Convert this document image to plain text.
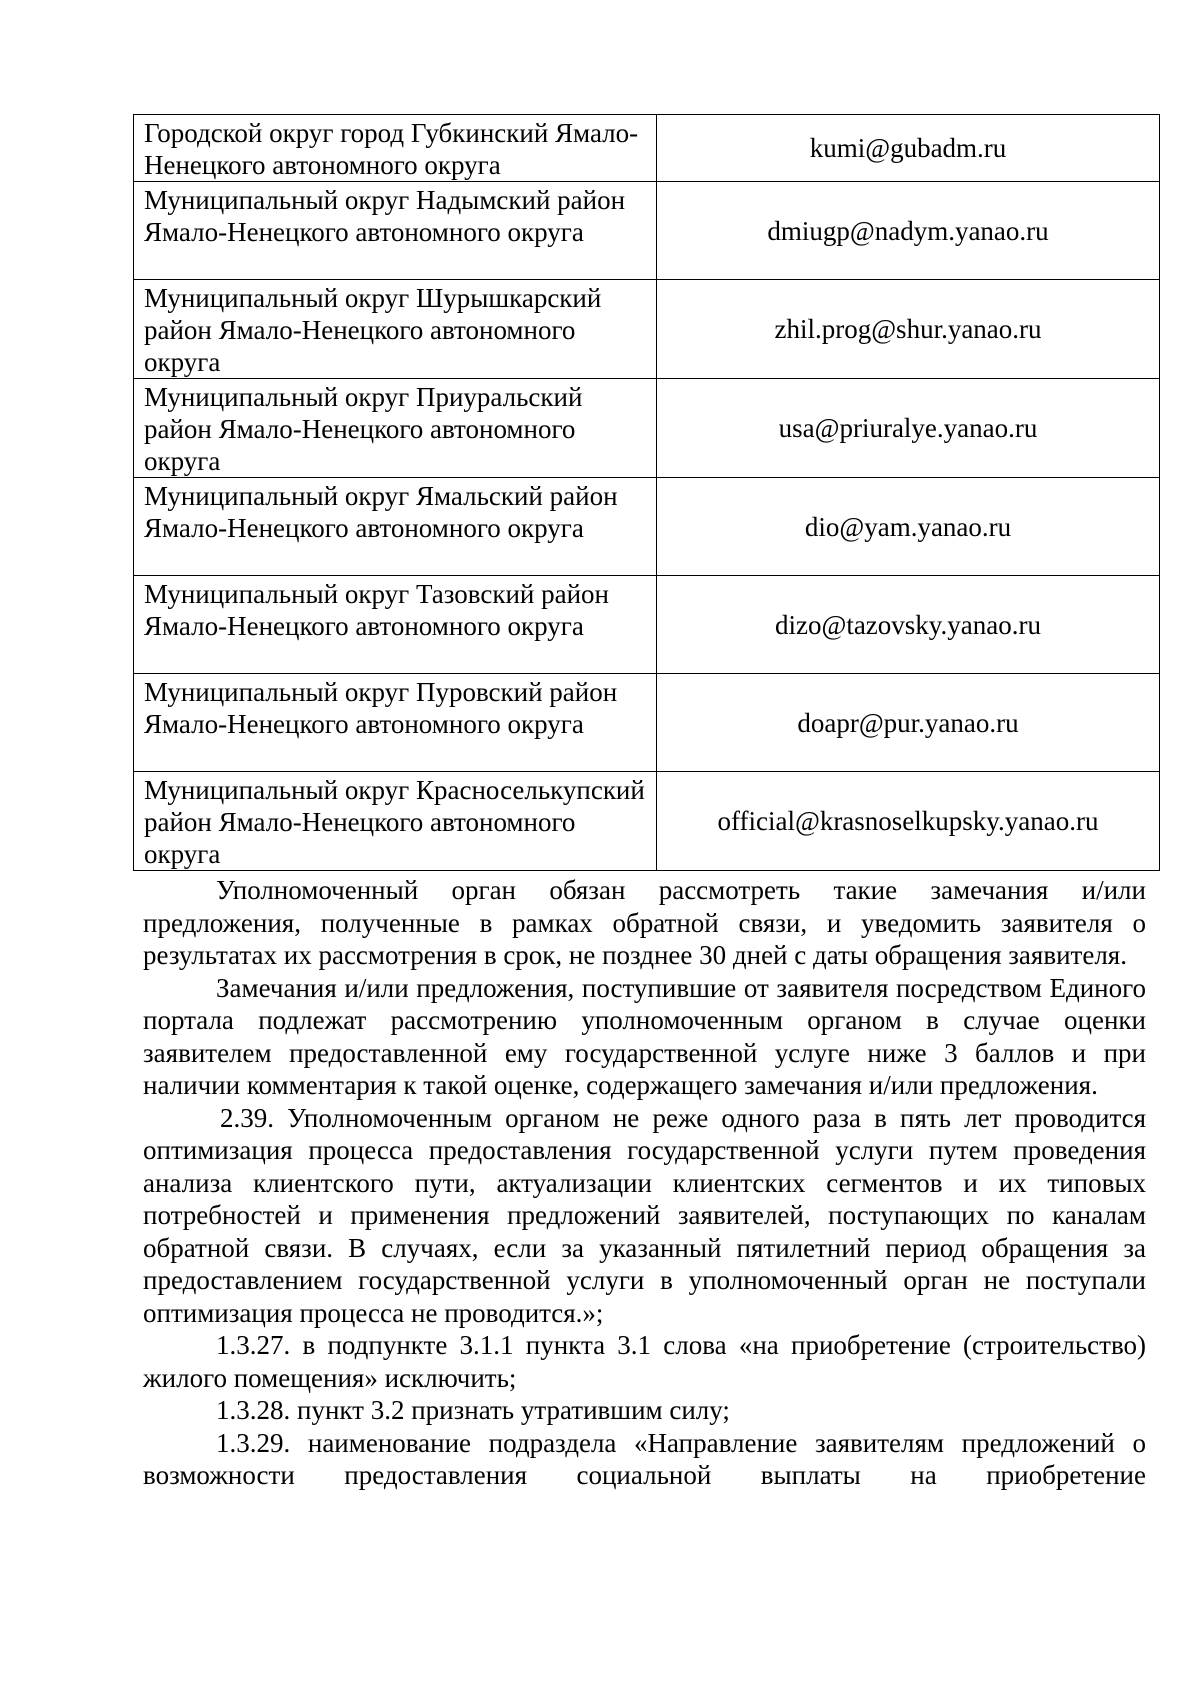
Городской округ город Губкинский Ямало-Ненецкого автономного округа	kumi@gubadm.ru
Муниципальный округ Надымский район Ямало-Ненецкого автономного округа	dmiugp@nadym.yanao.ru
Муниципальный округ Шурышкарский район Ямало-Ненецкого автономного округа	zhil.prog@shur.yanao.ru
Муниципальный округ Приуральский район Ямало-Ненецкого автономного округа	usa@priuralye.yanao.ru
Муниципальный округ Ямальский район Ямало-Ненецкого автономного округа	dio@yam.yanao.ru
Муниципальный округ Тазовский район Ямало-Ненецкого автономного округа	dizo@tazovsky.yanao.ru
Муниципальный округ Пуровский район Ямало-Ненецкого автономного округа	doapr@pur.yanao.ru
Муниципальный округ Красноселькупский район Ямало-Ненецкого автономного округа	official@krasnoselkupsky.yanao.ru

Уполномоченный орган обязан рассмотреть такие замечания и/или предложения, полученные в рамках обратной связи, и уведомить заявителя о результатах их рассмотрения в срок, не позднее 30 дней с даты обращения заявителя.

Замечания и/или предложения, поступившие от заявителя посредством Единого портала подлежат рассмотрению уполномоченным органом в случае оценки заявителем предоставленной ему государственной услуге ниже 3 баллов и при наличии комментария к такой оценке, содержащего замечания и/или предложения.

2.39. Уполномоченным органом не реже одного раза в пять лет проводится оптимизация процесса предоставления государственной услуги путем проведения анализа клиентского пути, актуализации клиентских сегментов и их типовых потребностей и применения предложений заявителей, поступающих по каналам обратной связи. В случаях, если за указанный пятилетний период обращения за предоставлением государственной услуги в уполномоченный орган не поступали оптимизация процесса не проводится.»;

1.3.27. в подпункте 3.1.1 пункта 3.1 слова «на приобретение (строительство) жилого помещения» исключить;

1.3.28. пункт 3.2 признать утратившим силу;

1.3.29. наименование подраздела «Направление заявителям предложений о возможности предоставления социальной выплаты на приобретение
